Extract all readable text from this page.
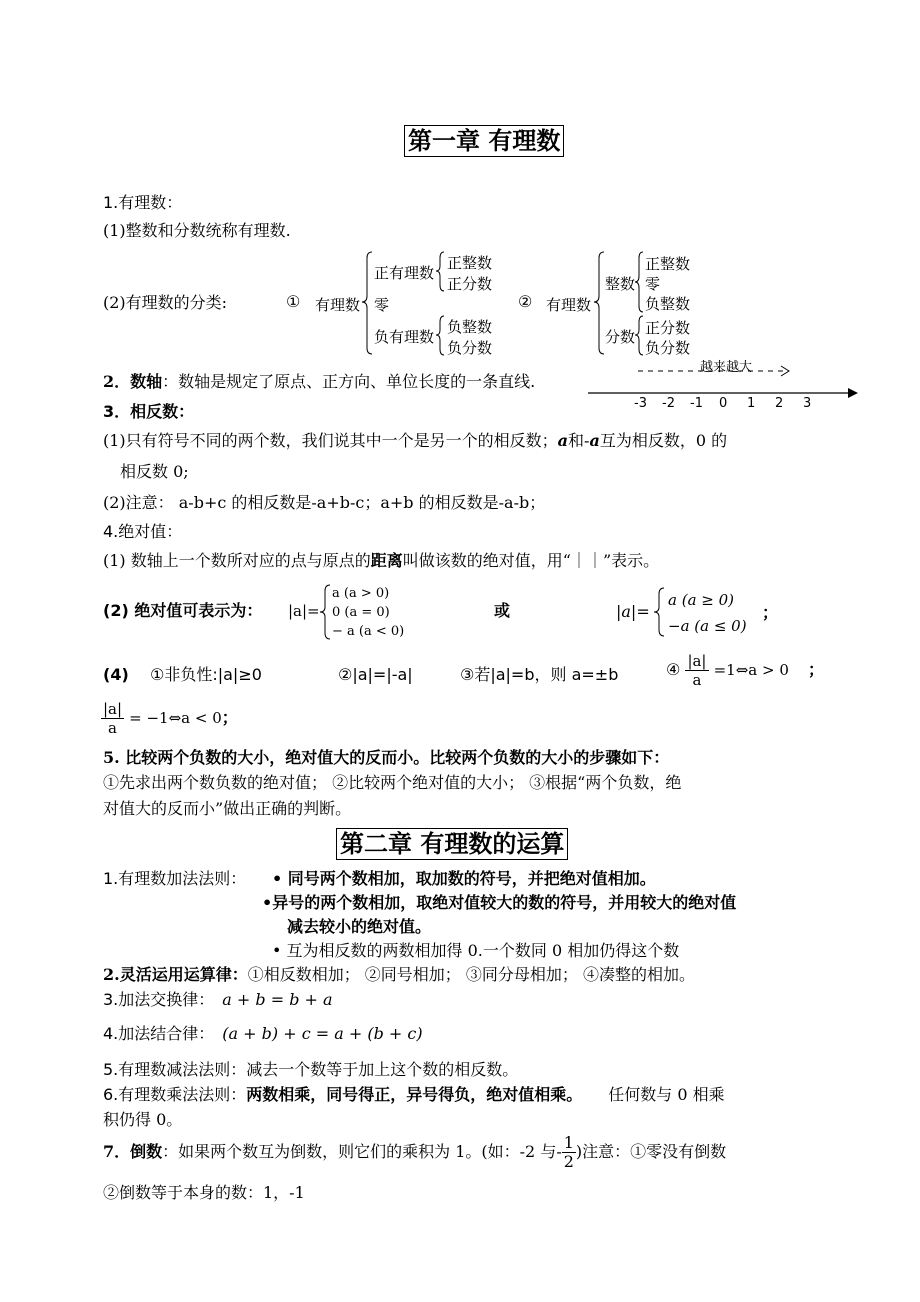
第一章 有理数
1.有理数：
(1)整数和分数统称有理数.
(2)有理数的分类:	① 有理数
正有理数
零
负有理数
正整数
正分数
负整数
负分数
② 有理数
整数
分数
正整数
零
负整数
正分数
负分数
2．数轴：数轴是规定了原点、正方向、单位长度的一条直线.
越来越大
-3 -2 -1 0 1 2 3
3．相反数：
(1)只有符号不同的两个数，我们说其中一个是另一个的相反数；a和-a互为相反数，0 的
相反数 0;
(2)注意： a-b+c 的相反数是-a+b-c；a+b 的相反数是-a-b；
4.绝对值：
(1) 数轴上一个数所对应的点与原点的距离叫做该数的绝对值，用“｜｜”表示。
(2) 绝对值可表示为： |a|=
a (a > 0)
0 (a = 0)
− a (a < 0)
或	|a|=
a (a ≥ 0)
−a (a ≤ 0)
；
(4) ①非负性:|a|≥0	②|a|=|-a|	③若|a|=b，则 a=±b	④ $\frac{|a|}{a}$ =1⇔a > 0 ；
$\frac{|a|}{a}$ = −1⇔a < 0；
5. 比较两个负数的大小，绝对值大的反而小。比较两个负数的大小的步骤如下：
①先求出两个数负数的绝对值； ②比较两个绝对值的大小； ③根据“两个负数，绝
对值大的反而小”做出正确的判断。
第二章 有理数的运算
1.有理数加法法则： • 同号两个数相加，取加数的符号，并把绝对值相加。
•异号的两个数相加，取绝对值较大的数的符号，并用较大的绝对值
减去较小的绝对值。
• 互为相反数的两数相加得 0.一个数同 0 相加仍得这个数
2.灵活运用运算律：①相反数相加； ②同号相加； ③同分母相加； ④凑整的相加。
3.加法交换律： a + b = b + a
4.加法结合律： (a + b) + c = a + (b + c)
5.有理数减法法则：减去一个数等于加上这个数的相反数。
6.有理数乘法法则：两数相乘，同号得正，异号得负，绝对值相乘。 任何数与 0 相乘
积仍得 0。
7．倒数：如果两个数互为倒数，则它们的乘积为 1。(如：-2 与- $\frac{1}{2}$ )注意：①零没有倒数
②倒数等于本身的数：1，-1
